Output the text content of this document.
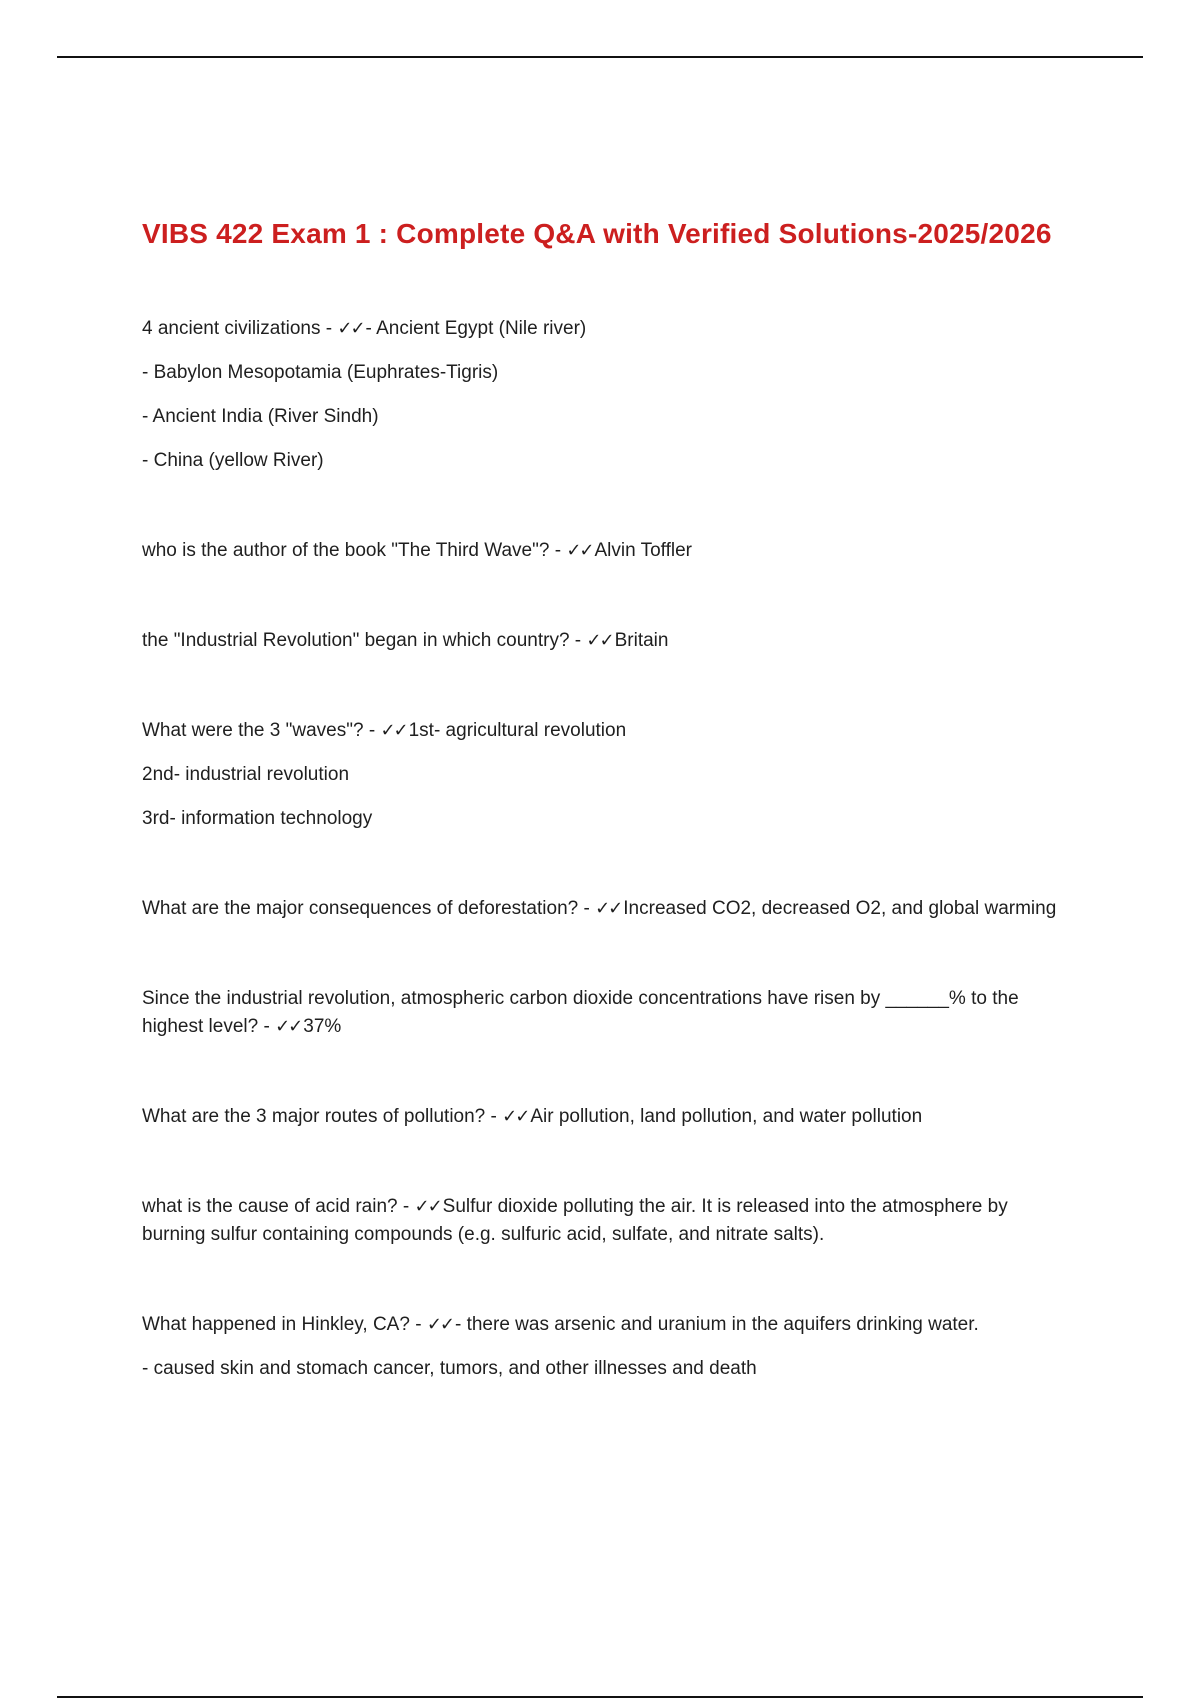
VIBS 422 Exam 1 : Complete Q&A with Verified Solutions-2025/2026

4 ancient civilizations - ✓✓ - Ancient Egypt (Nile river)

- Babylon Mesopotamia (Euphrates-Tigris)

- Ancient India (River Sindh)

- China (yellow River)

who is the author of the book "The Third Wave"? - ✓✓ Alvin Toffler

the "Industrial Revolution" began in which country? - ✓✓ Britain

What were the 3 "waves"? - ✓✓ 1st- agricultural revolution

2nd- industrial revolution

3rd- information technology

What are the major consequences of deforestation? - ✓✓ Increased CO2, decreased O2, and global warming

Since the industrial revolution, atmospheric carbon dioxide concentrations have risen by ______% to the highest level? - ✓✓ 37%

What are the 3 major routes of pollution? - ✓✓ Air pollution, land pollution, and water pollution

what is the cause of acid rain? - ✓✓ Sulfur dioxide polluting the air. It is released into the atmosphere by burning sulfur containing compounds (e.g. sulfuric acid, sulfate, and nitrate salts).

What happened in Hinkley, CA? - ✓✓ - there was arsenic and uranium in the aquifers drinking water.

- caused skin and stomach cancer, tumors, and other illnesses and death
